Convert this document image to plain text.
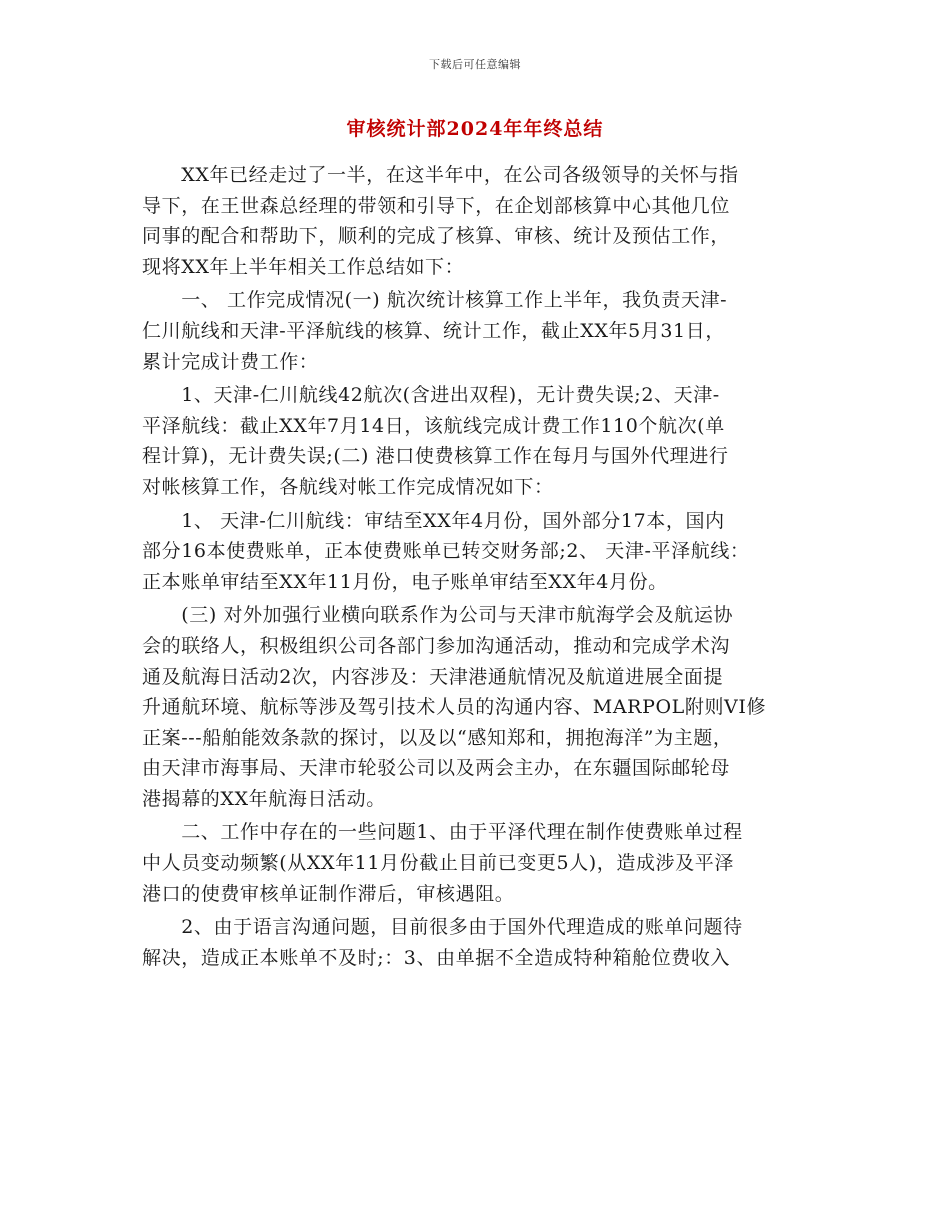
下载后可任意编辑
审核统计部2024年年终总结
　　XX年已经走过了一半，在这半年中，在公司各级领导的关怀与指
导下，在王世森总经理的带领和引导下，在企划部核算中心其他几位
同事的配合和帮助下，顺利的完成了核算、审核、统计及预估工作，
现将XX年上半年相关工作总结如下：
　　一、 工作完成情况(一) 航次统计核算工作上半年，我负责天津-
仁川航线和天津-平泽航线的核算、统计工作，截止XX年5月31日，
累计完成计费工作：
　　1、天津-仁川航线42航次(含进出双程)，无计费失误;2、天津-
平泽航线：截止XX年7月14日，该航线完成计费工作110个航次(单
程计算)，无计费失误;(二) 港口使费核算工作在每月与国外代理进行
对帐核算工作，各航线对帐工作完成情况如下：
　　1、 天津-仁川航线：审结至XX年4月份，国外部分17本，国内
部分16本使费账单，正本使费账单已转交财务部;2、 天津-平泽航线：
正本账单审结至XX年11月份，电子账单审结至XX年4月份。
　　(三) 对外加强行业横向联系作为公司与天津市航海学会及航运协
会的联络人，积极组织公司各部门参加沟通活动，推动和完成学术沟
通及航海日活动2次，内容涉及：天津港通航情况及航道进展全面提
升通航环境、航标等涉及驾引技术人员的沟通内容、MARPOL附则VI修
正案---船舶能效条款的探讨，以及以“感知郑和，拥抱海洋”为主题，
由天津市海事局、天津市轮驳公司以及两会主办，在东疆国际邮轮母
港揭幕的XX年航海日活动。
　　二、工作中存在的一些问题1、由于平泽代理在制作使费账单过程
中人员变动频繁(从XX年11月份截止目前已变更5人)，造成涉及平泽
港口的使费审核单证制作滞后，审核遇阻。
　　2、由于语言沟通问题，目前很多由于国外代理造成的账单问题待
解决，造成正本账单不及时;：3、由单据不全造成特种箱舱位费收入
